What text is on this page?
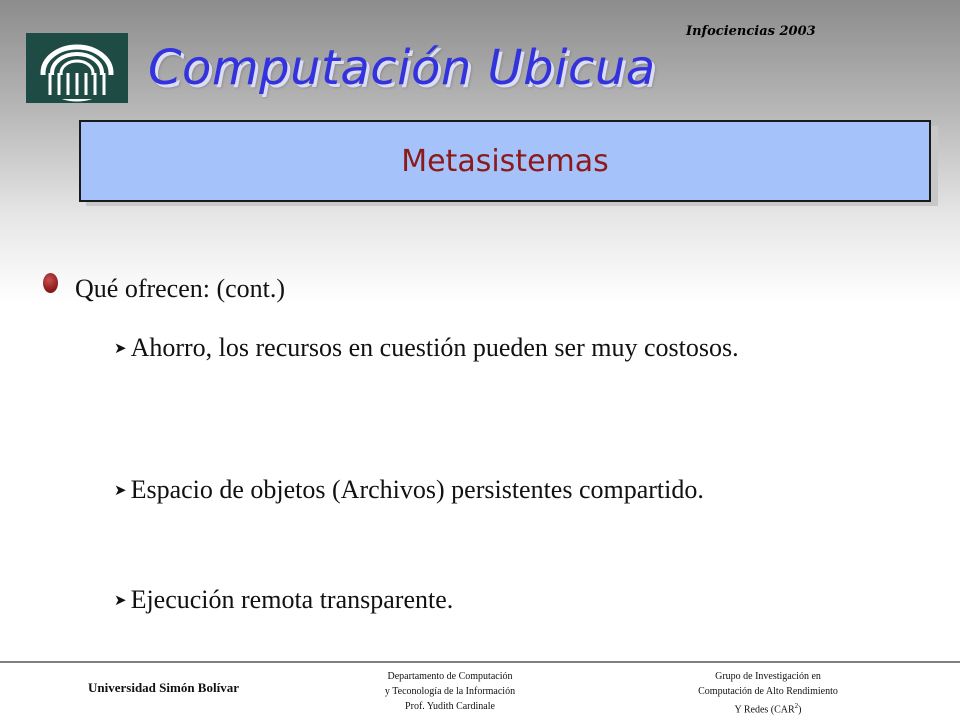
Infociencias 2003
Computación Ubicua
Metasistemas
Qué ofrecen: (cont.)
➤ Ahorro, los recursos en cuestión pueden ser muy costosos.
➤ Espacio de objetos (Archivos) persistentes compartido.
➤ Ejecución remota transparente.
Universidad Simón Bolívar
Departamento de Computación
y Teconología de la Información
Prof. Yudith Cardinale
Grupo de Investigación en
Computación de Alto Rendimiento
Y Redes (CAR$^2$)
